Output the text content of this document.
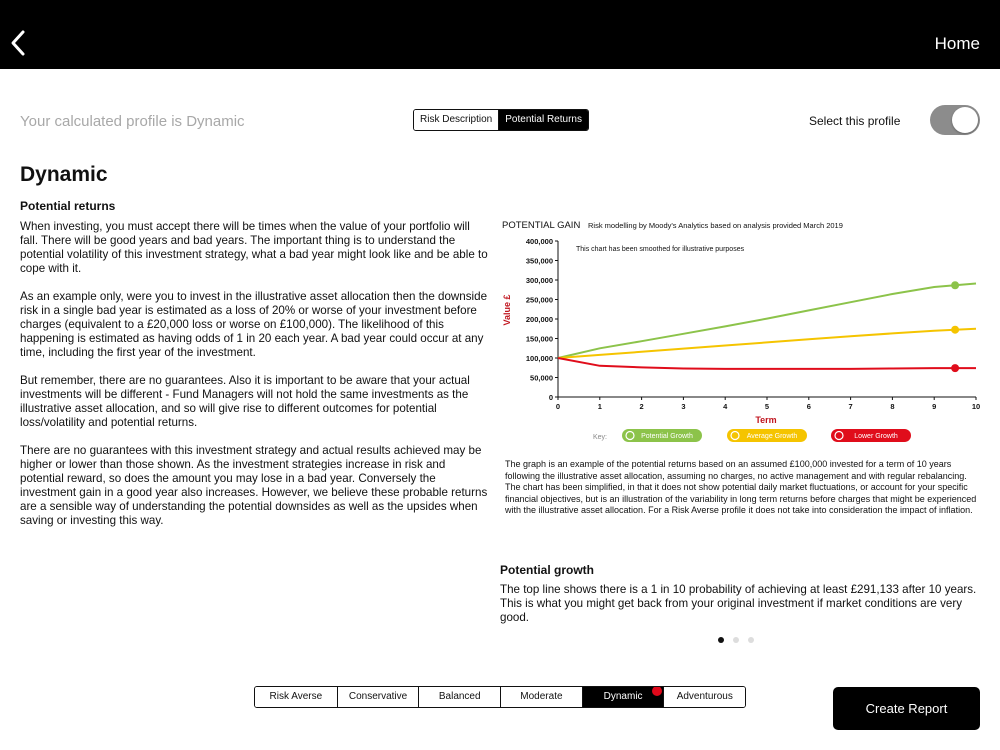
Home
Your calculated profile is Dynamic	Risk Description	Potential Returns	Select this profile
Dynamic
Potential returns

When investing, you must accept there will be times when the value of your portfolio will fall. There will be good years and bad years. The important thing is to understand the potential volatility of this investment strategy, what a bad year might look like and be able to cope with it.

As an example only, were you to invest in the illustrative asset allocation then the downside risk in a single bad year is estimated as a loss of 20% or worse of your investment before charges (equivalent to a £20,000 loss or worse on £100,000). The likelihood of this happening is estimated as having odds of 1 in 20 each year. A bad year could occur at any time, including the first year of the investment.

But remember, there are no guarantees. Also it is important to be aware that your actual investments will be different - Fund Managers will not hold the same investments as the illustrative asset allocation, and so will give rise to different outcomes for potential loss/volatility and potential returns.

There are no guarantees with this investment strategy and actual results achieved may be higher or lower than those shown. As the investment strategies increase in risk and potential reward, so does the amount you may lose in a bad year. Conversely the investment gain in a good year also increases. However, we believe these probable returns are a sensible way of understanding the potential downsides as well as the upsides when saving or investing this way.

POTENTIAL GAIN Risk modelling by Moody's Analytics based on analysis provided March 2019
This chart has been smoothed for illustrative purposes
Value £
Term
0
50,000
100,000
150,000
200,000
250,000
300,000
350,000
400,000
0	1	2	3	4	5	6	7	8	9	10
Key:	Potential Growth	Average Growth	Lower Growth
The graph is an example of the potential returns based on an assumed £100,000 invested for a term of 10 years following the illustrative asset allocation, assuming no charges, no active management and with regular rebalancing. The chart has been simplified, in that it does not show potential daily market fluctuations, or account for your specific financial objectives, but is an illustration of the variability in long term returns before charges that might be experienced with the illustrative asset allocation. For a Risk Averse profile it does not take into consideration the impact of inflation.
Potential growth
The top line shows there is a 1 in 10 probability of achieving at least £291,133 after 10 years. This is what you might get back from your original investment if market conditions are very good.
Risk Averse	Conservative	Balanced	Moderate	Dynamic	Adventurous
Create Report
